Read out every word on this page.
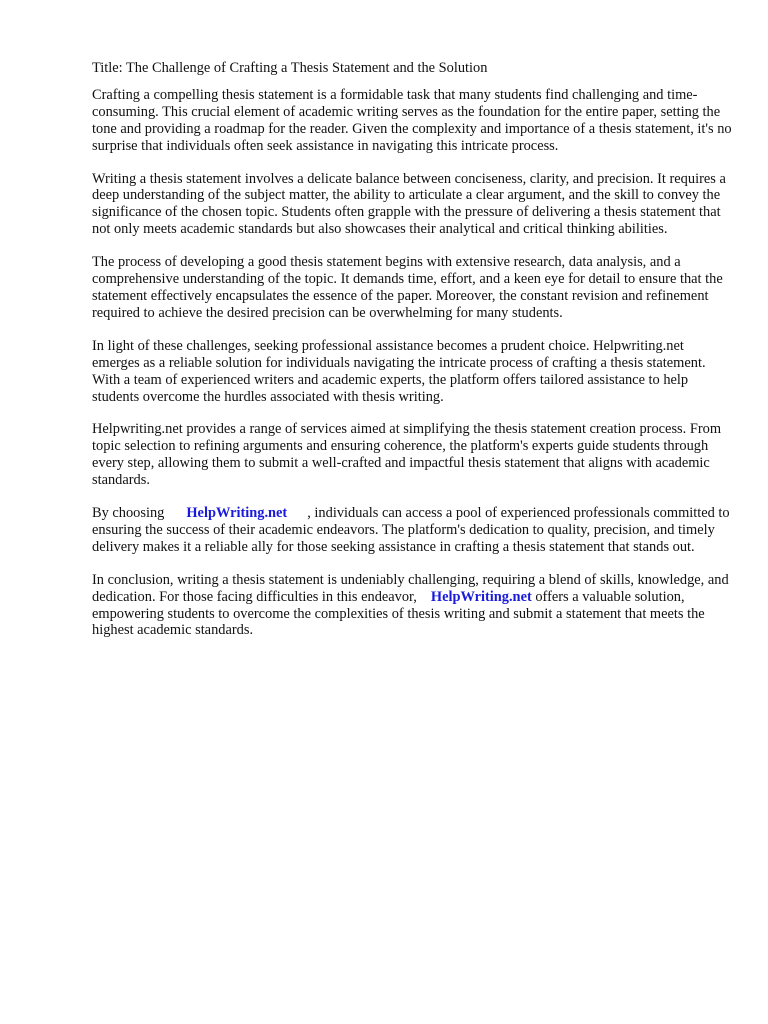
Title: The Challenge of Crafting a Thesis Statement and the Solution

Crafting a compelling thesis statement is a formidable task that many students find challenging and time-consuming. This crucial element of academic writing serves as the foundation for the entire paper, setting the tone and providing a roadmap for the reader. Given the complexity and importance of a thesis statement, it's no surprise that individuals often seek assistance in navigating this intricate process.

Writing a thesis statement involves a delicate balance between conciseness, clarity, and precision. It requires a deep understanding of the subject matter, the ability to articulate a clear argument, and the skill to convey the significance of the chosen topic. Students often grapple with the pressure of delivering a thesis statement that not only meets academic standards but also showcases their analytical and critical thinking abilities.

The process of developing a good thesis statement begins with extensive research, data analysis, and a comprehensive understanding of the topic. It demands time, effort, and a keen eye for detail to ensure that the statement effectively encapsulates the essence of the paper. Moreover, the constant revision and refinement required to achieve the desired precision can be overwhelming for many students.

In light of these challenges, seeking professional assistance becomes a prudent choice. Helpwriting.net emerges as a reliable solution for individuals navigating the intricate process of crafting a thesis statement. With a team of experienced writers and academic experts, the platform offers tailored assistance to help students overcome the hurdles associated with thesis writing.

Helpwriting.net provides a range of services aimed at simplifying the thesis statement creation process. From topic selection to refining arguments and ensuring coherence, the platform's experts guide students through every step, allowing them to submit a well-crafted and impactful thesis statement that aligns with academic standards.

By choosing HelpWriting.net , individuals can access a pool of experienced professionals committed to ensuring the success of their academic endeavors. The platform's dedication to quality, precision, and timely delivery makes it a reliable ally for those seeking assistance in crafting a thesis statement that stands out.

In conclusion, writing a thesis statement is undeniably challenging, requiring a blend of skills, knowledge, and dedication. For those facing difficulties in this endeavor, HelpWriting.net offers a valuable solution, empowering students to overcome the complexities of thesis writing and submit a statement that meets the highest academic standards.
